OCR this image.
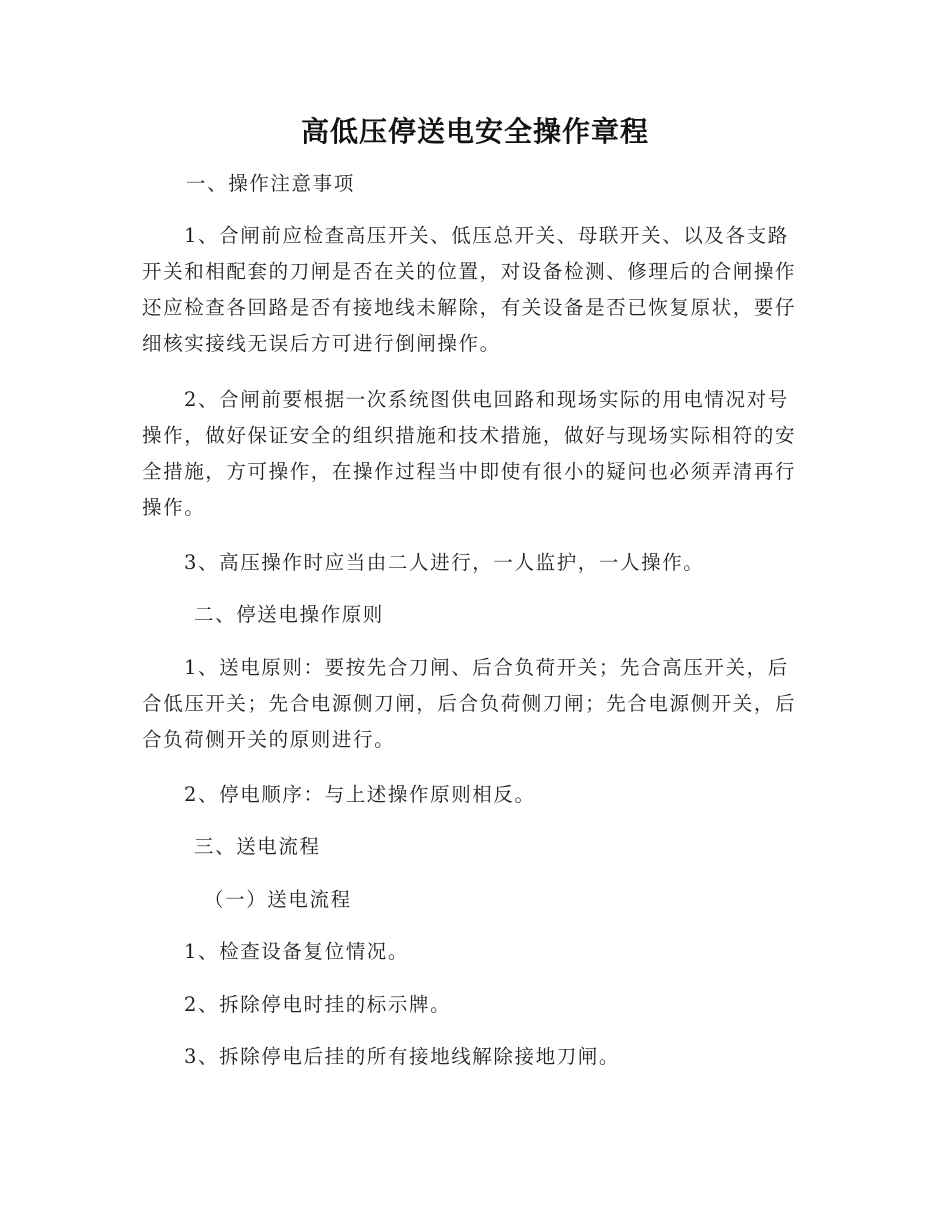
高低压停送电安全操作章程

一、操作注意事项

1、合闸前应检查高压开关、低压总开关、母联开关、以及各支路开关和相配套的刀闸是否在关的位置，对设备检测、修理后的合闸操作还应检查各回路是否有接地线未解除，有关设备是否已恢复原状，要仔细核实接线无误后方可进行倒闸操作。

2、合闸前要根据一次系统图供电回路和现场实际的用电情况对号操作，做好保证安全的组织措施和技术措施，做好与现场实际相符的安全措施，方可操作，在操作过程当中即使有很小的疑问也必须弄清再行操作。

3、高压操作时应当由二人进行，一人监护，一人操作。

二、停送电操作原则

1、送电原则：要按先合刀闸、后合负荷开关；先合高压开关，后合低压开关；先合电源侧刀闸，后合负荷侧刀闸；先合电源侧开关，后合负荷侧开关的原则进行。

2、停电顺序：与上述操作原则相反。

三、送电流程

（一）送电流程

1、检查设备复位情况。

2、拆除停电时挂的标示牌。

3、拆除停电后挂的所有接地线解除接地刀闸。
